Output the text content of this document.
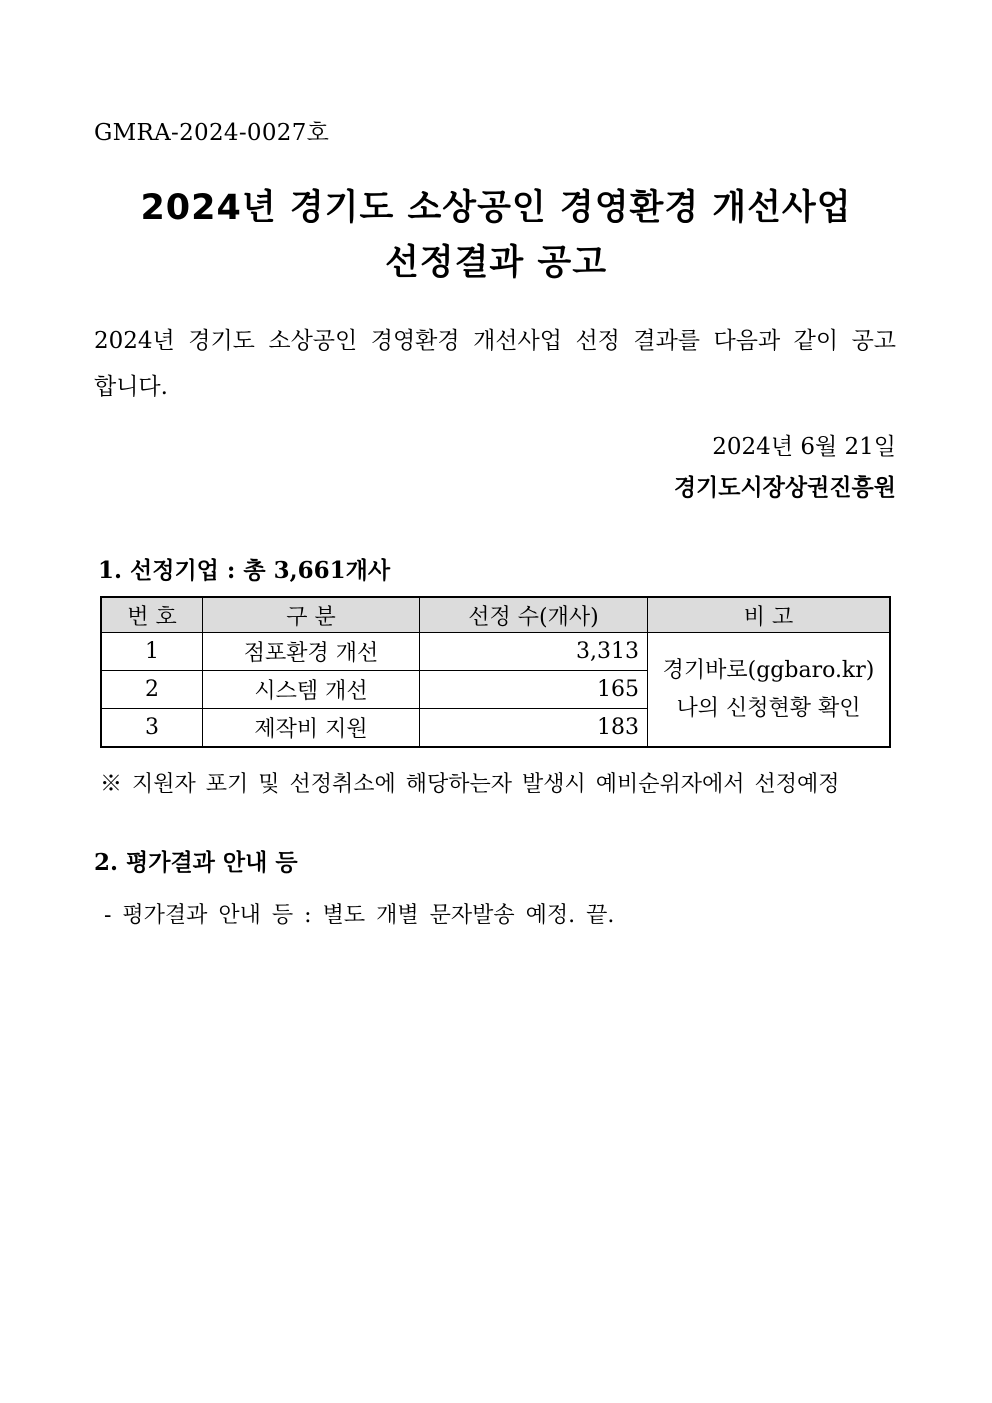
GMRA-2024-0027호
2024년 경기도 소상공인 경영환경 개선사업
선정결과 공고
2024년 경기도 소상공인 경영환경 개선사업 선정 결과를 다음과 같이 공고합니다.
2024년 6월 21일
경기도시장상권진흥원
1. 선정기업 : 총 3,661개사
번 호	구 분	선정 수(개사)	비 고
1	점포환경 개선	3,313	경기바로(ggbaro.kr)
나의 신청현황 확인

2	시스템 개선	165	
3	제작비 지원	183	
※ 지원자 포기 및 선정취소에 해당하는자 발생시 예비순위자에서 선정예정
2. 평가결과 안내 등
- 평가결과 안내 등 : 별도 개별 문자발송 예정. 끝.
